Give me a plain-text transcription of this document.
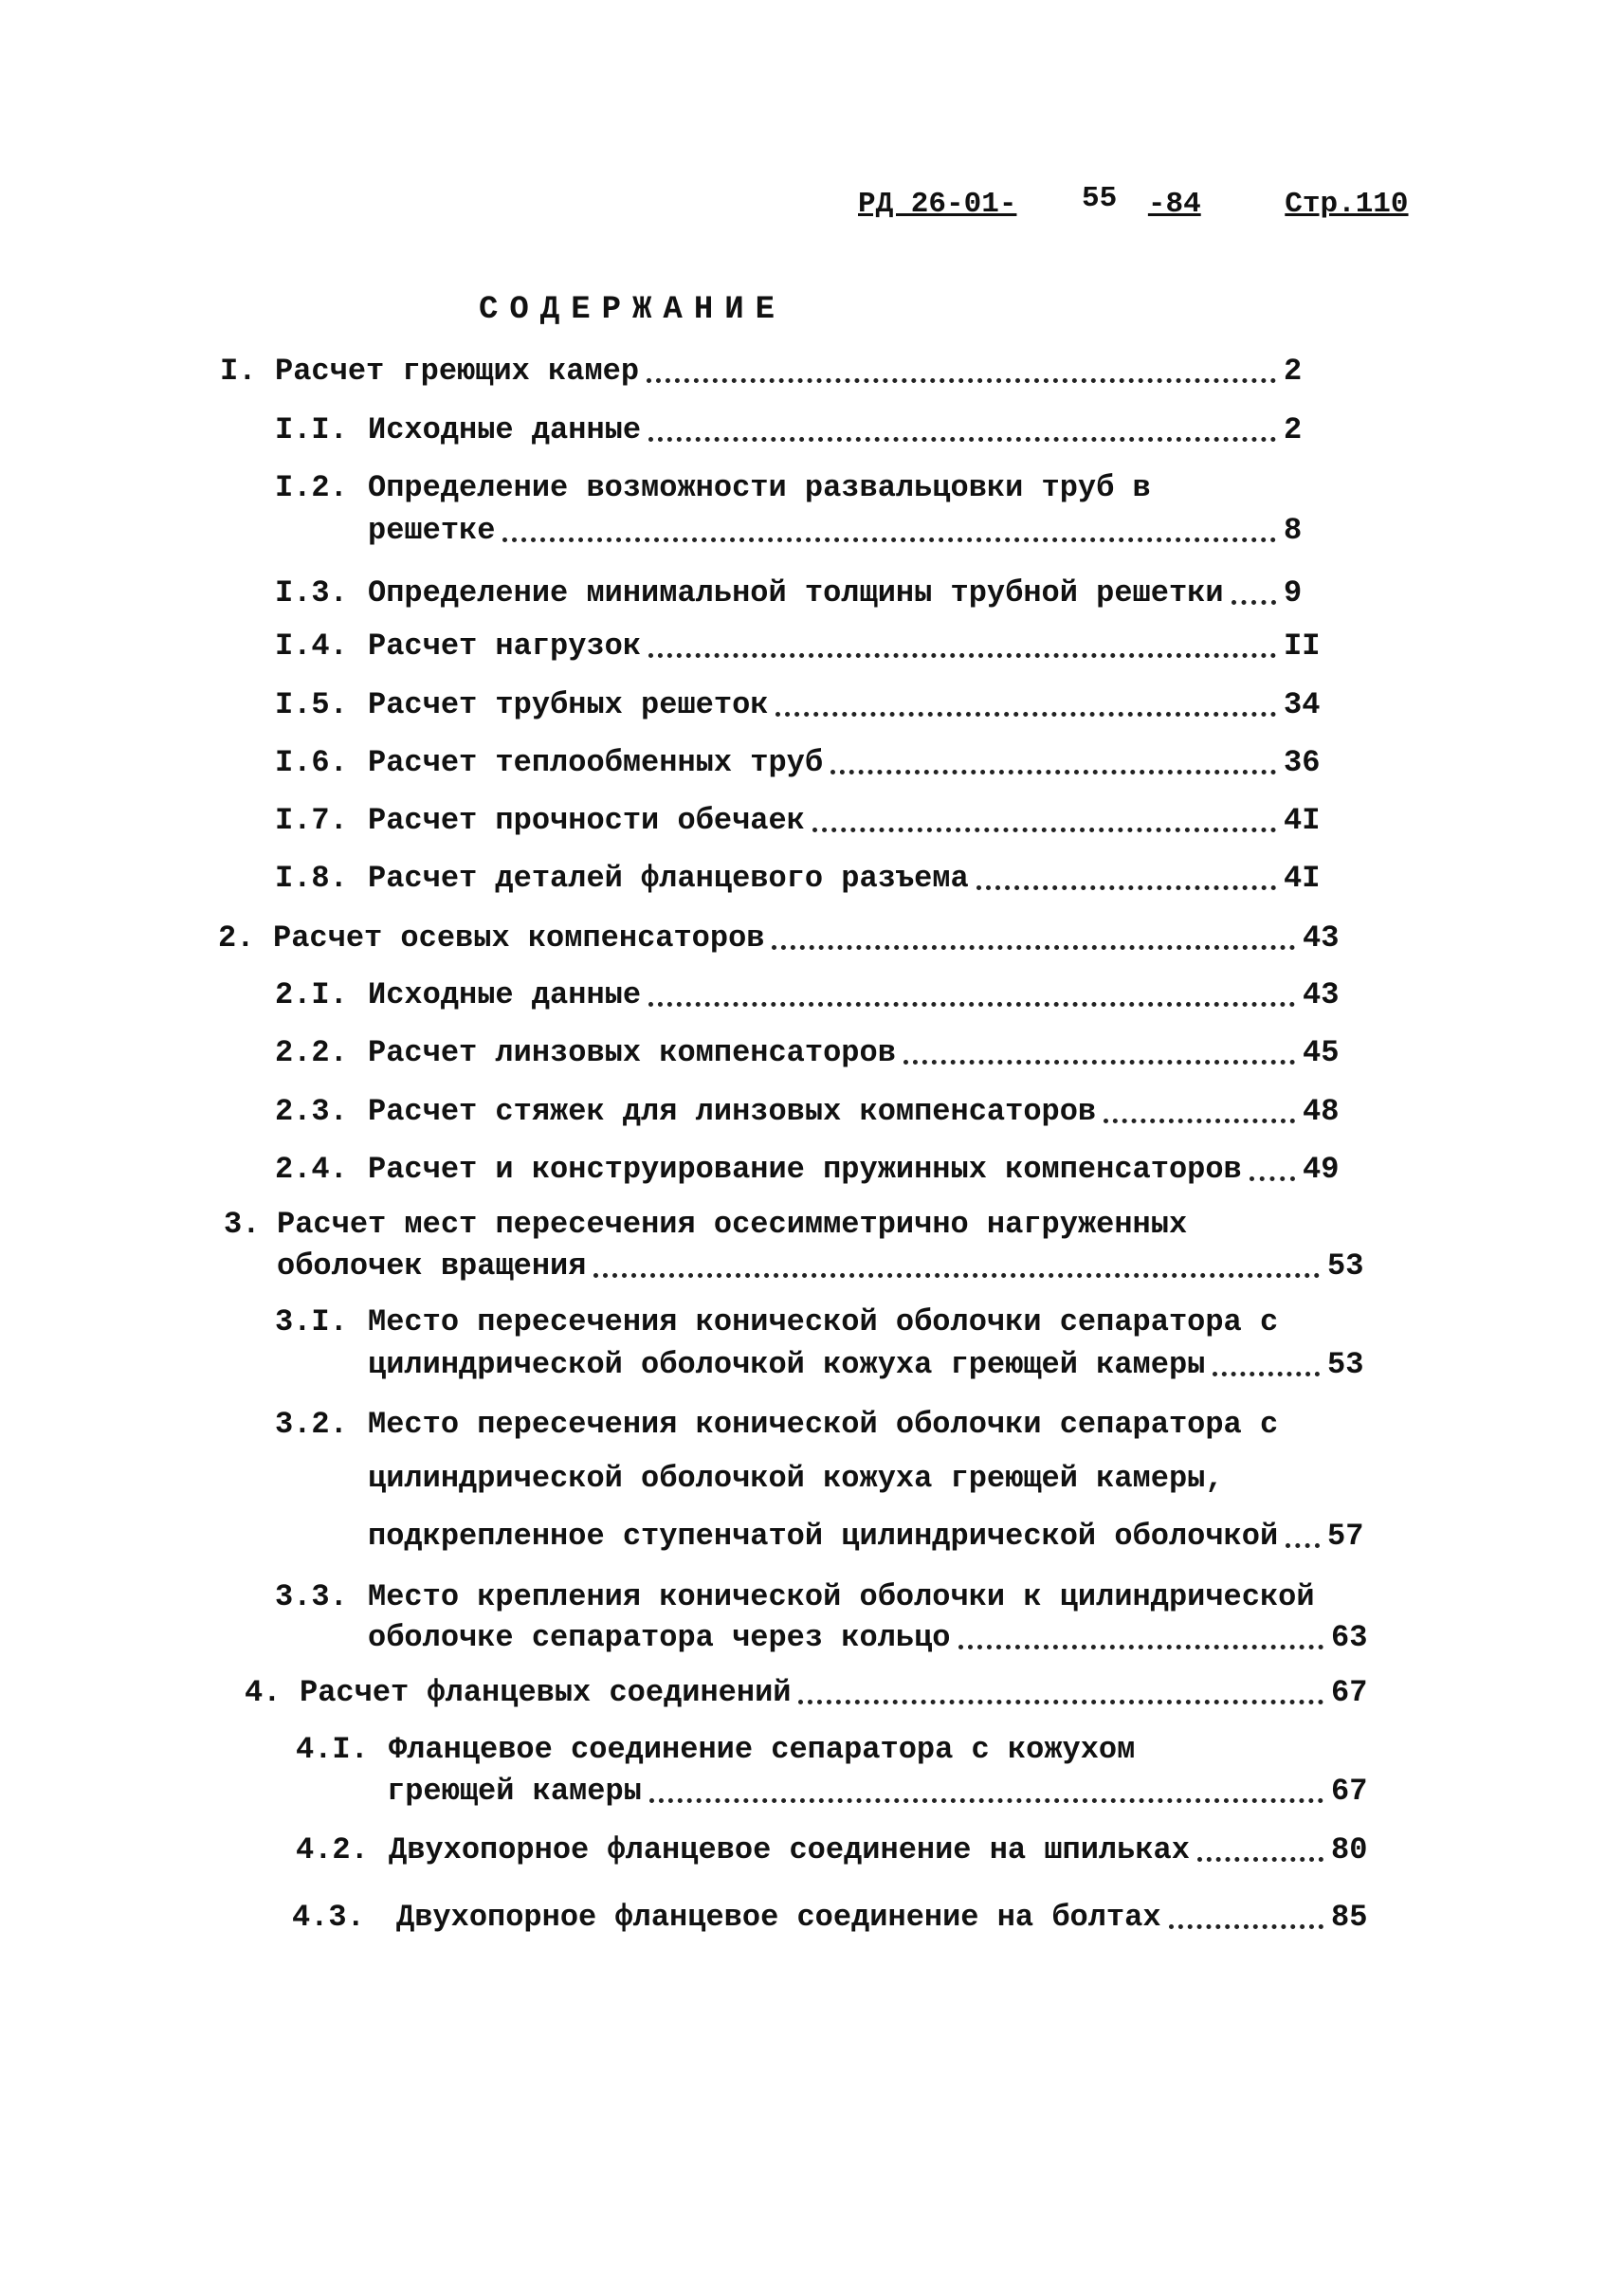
РД 26-01- 55 -84	Стр.110
СОДЕРЖАНИЕ
I. Расчет греющих камер	2
I.I. Исходные данные	2
I.2. Определение возможности развальцовки труб в
решетке	8
I.3. Определение минимальной толщины трубной решетки 9
I.4. Расчет нагрузок	II
I.5. Расчет трубных решеток	34
I.6. Расчет теплообменных труб	36
I.7. Расчет прочности обечаек	4I
I.8. Расчет деталей фланцевого разъема	4I
2. Расчет осевых компенсаторов	43
2.I. Исходные данные	43
2.2. Расчет линзовых компенсаторов	45
2.3. Расчет стяжек для линзовых компенсаторов	48
2.4. Расчет и конструирование пружинных компенсаторов 49
3. Расчет мест пересечения осесимметрично нагруженных
оболочек вращения	53
3.I. Место пересечения конической оболочки сепаратора с
цилиндрической оболочкой кожуха греющей камеры	53
3.2. Место пересечения конической оболочки сепаратора с
цилиндрической оболочкой кожуха греющей камеры,
подкрепленное ступенчатой цилиндрической оболочкой 57
3.3. Место крепления конической оболочки к цилиндрической
оболочке сепаратора через кольцо	63
4. Расчет фланцевых соединений	67
4.I. Фланцевое соединение сепаратора с кожухом
греющей камеры	67
4.2. Двухопорное фланцевое соединение на шпильках	80
4.3.	Двухопорное фланцевое соединение на болтах	85
